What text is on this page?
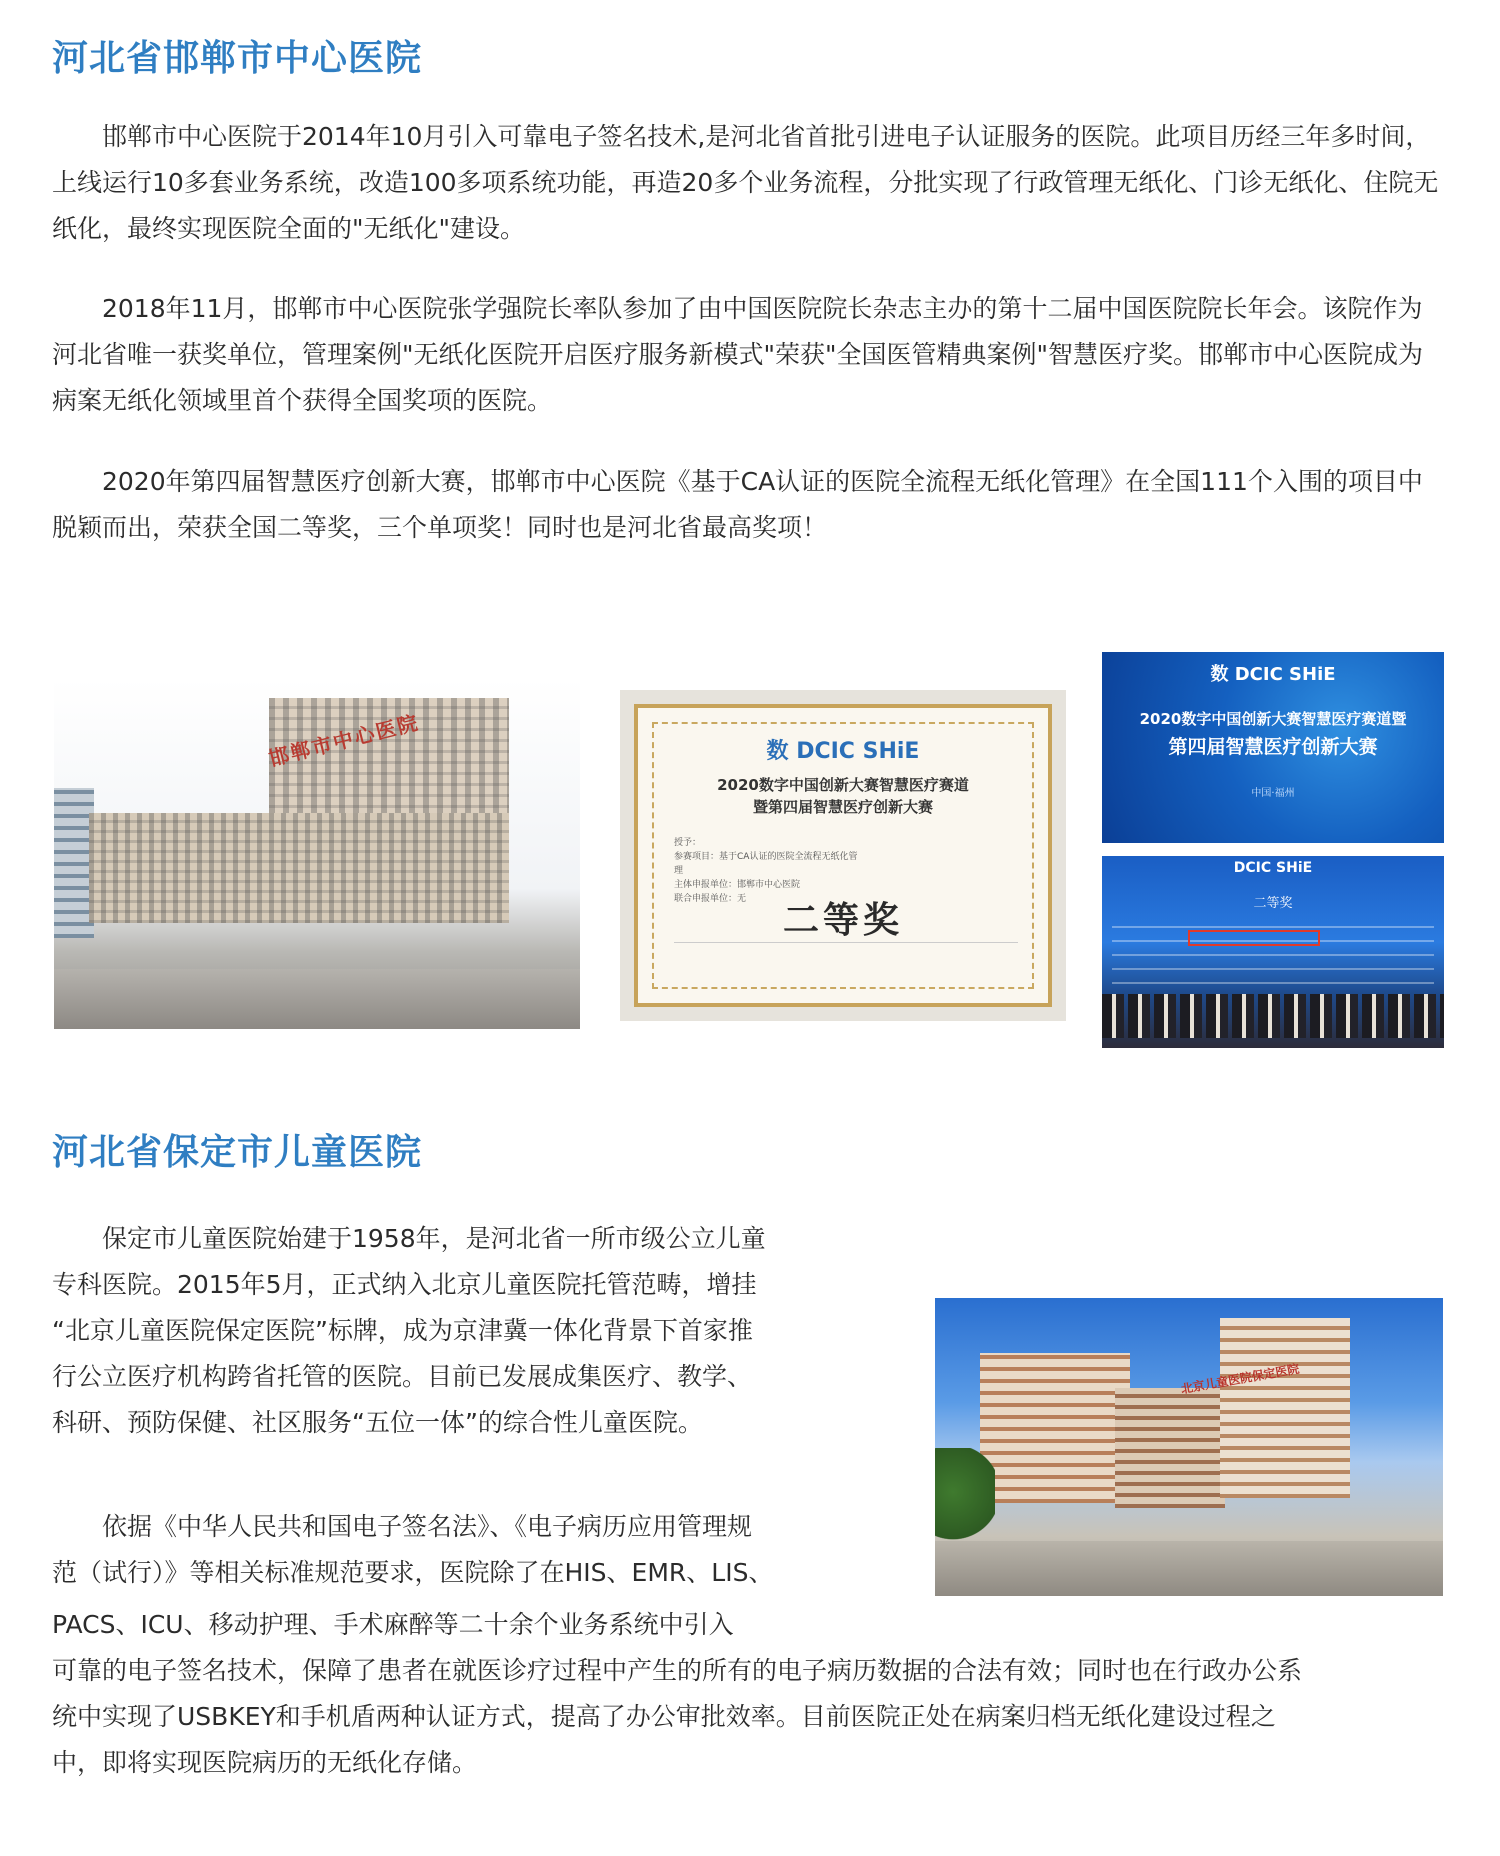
河北省邯郸市中心医院

邯郸市中心医院于2014年10月引入可靠电子签名技术,是河北省首批引进电子认证服务的医院。此项目历经三年多时间，上线运行10多套业务系统，改造100多项系统功能，再造20多个业务流程，分批实现了行政管理无纸化、门诊无纸化、住院无纸化，最终实现医院全面的"无纸化"建设。

2018年11月，邯郸市中心医院张学强院长率队参加了由中国医院院长杂志主办的第十二届中国医院院长年会。该院作为河北省唯一获奖单位，管理案例"无纸化医院开启医疗服务新模式"荣获"全国医管精典案例"智慧医疗奖。邯郸市中心医院成为病案无纸化领域里首个获得全国奖项的医院。

2020年第四届智慧医疗创新大赛，邯郸市中心医院《基于CA认证的医院全流程无纸化管理》在全国111个入围的项目中脱颖而出，荣获全国二等奖，三个单项奖！同时也是河北省最高奖项！

邯郸市中心医院	数 DCIC SHiE
2020数字中国创新大赛智慧医疗赛道
暨第四届智慧医疗创新大赛
授予：
参赛项目：基于CA认证的医院全流程无纸化管理
主体申报单位：邯郸市中心医院
联合申报单位：无
二等奖
数 DCIC SHiE
2020数字中国创新大赛智慧医疗赛道暨
第四届智慧医疗创新大赛
中国·福州
DCIC SHiE
二等奖
河北省保定市儿童医院
保定市儿童医院始建于1958年，是河北省一所市级公立儿童
专科医院。2015年5月，正式纳入北京儿童医院托管范畴，增挂
“北京儿童医院保定医院”标牌，成为京津冀一体化背景下首家推
行公立医疗机构跨省托管的医院。目前已发展成集医疗、教学、
科研、预防保健、社区服务“五位一体”的综合性儿童医院。
依据《中华人民共和国电子签名法》、《电子病历应用管理规
范（试行）》等相关标准规范要求，医院除了在HIS、EMR、LIS、
PACS、ICU、移动护理、手术麻醉等二十余个业务系统中引入
可靠的电子签名技术，保障了患者在就医诊疗过程中产生的所有的电子病历数据的合法有效；同时也在行政办公系
统中实现了USBKEY和手机盾两种认证方式，提高了办公审批效率。目前医院正处在病案归档无纸化建设过程之
中，即将实现医院病历的无纸化存储。
北京儿童医院保定医院
